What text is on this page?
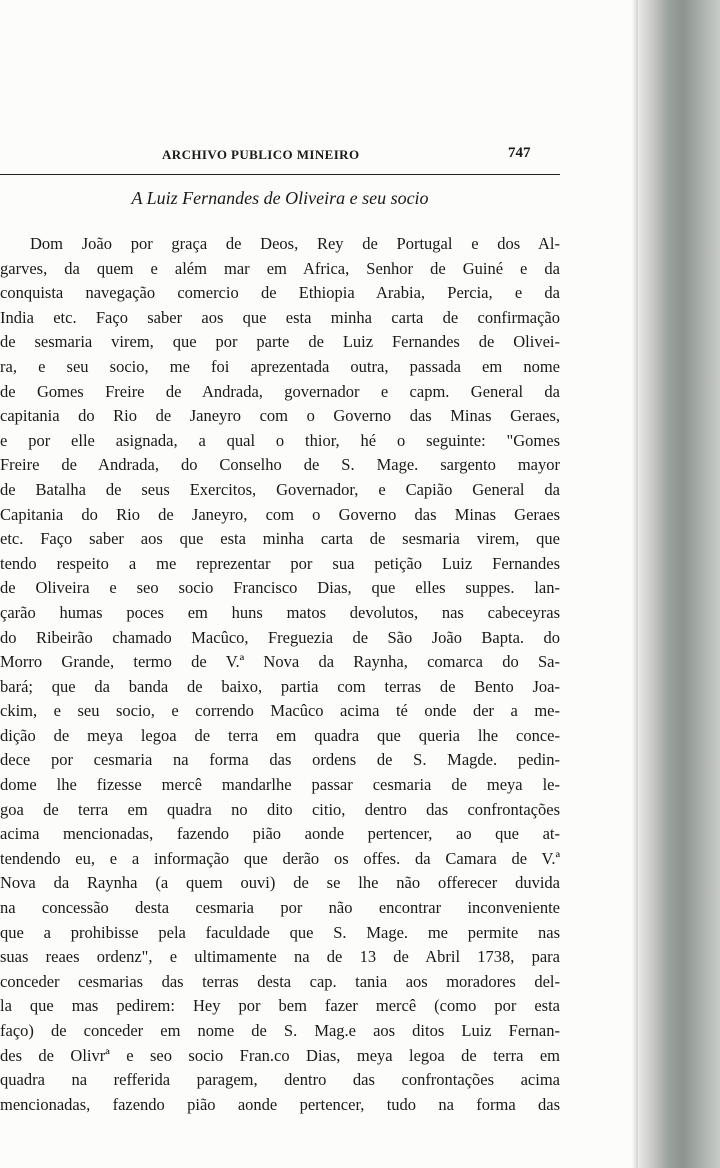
ARCHIVO PUBLICO MINEIRO	747
A Luiz Fernandes de Oliveira e seu socio
Dom João por graça de Deos, Rey de Portugal e dos Al-
garves, da quem e além mar em Africa, Senhor de Guiné e da
conquista navegação comercio de Ethiopia Arabia, Percia, e da
India etc. Faço saber aos que esta minha carta de confirmação
de sesmaria virem, que por parte de Luiz Fernandes de Olivei-
ra, e seu socio, me foi aprezentada outra, passada em nome
de Gomes Freire de Andrada, governador e capm. General da
capitania do Rio de Janeyro com o Governo das Minas Geraes,
e por elle asignada, a qual o thior, hé o seguinte: "Gomes
Freire de Andrada, do Conselho de S. Mage. sargento mayor
de Batalha de seus Exercitos, Governador, e Capião General da
Capitania do Rio de Janeyro, com o Governo das Minas Geraes
etc. Faço saber aos que esta minha carta de sesmaria virem, que
tendo respeito a me reprezentar por sua petição Luiz Fernandes
de Oliveira e seo socio Francisco Dias, que elles suppes. lan-
çarão humas poces em huns matos devolutos, nas cabeceyras
do Ribeirão chamado Macûco, Freguezia de São João Bapta. do
Morro Grande, termo de V.ª Nova da Raynha, comarca do Sa-
bará; que da banda de baixo, partia com terras de Bento Joa-
ckim, e seu socio, e correndo Macûco acima té onde der a me-
dição de meya legoa de terra em quadra que queria lhe conce-
dece por cesmaria na forma das ordens de S. Magde. pedin-
dome lhe fizesse mercê mandarlhe passar cesmaria de meya le-
goa de terra em quadra no dito citio, dentro das confrontações
acima mencionadas, fazendo pião aonde pertencer, ao que at-
tendendo eu, e a informação que derão os offes. da Camara de V.ª
Nova da Raynha (a quem ouvi) de se lhe não offerecer duvida
na concessão desta cesmaria por não encontrar inconveniente
que a prohibisse pela faculdade que S. Mage. me permite nas
suas reaes ordenz", e ultimamente na de 13 de Abril 1738, para
conceder cesmarias das terras desta cap. tania aos moradores del-
la que mas pedirem: Hey por bem fazer mercê (como por esta
faço) de conceder em nome de S. Mag.e aos ditos Luiz Fernan-
des de Olivrª e seo socio Fran.co Dias, meya legoa de terra em
quadra na refferida paragem, dentro das confrontações acima
mencionadas, fazendo pião aonde pertencer, tudo na forma das
